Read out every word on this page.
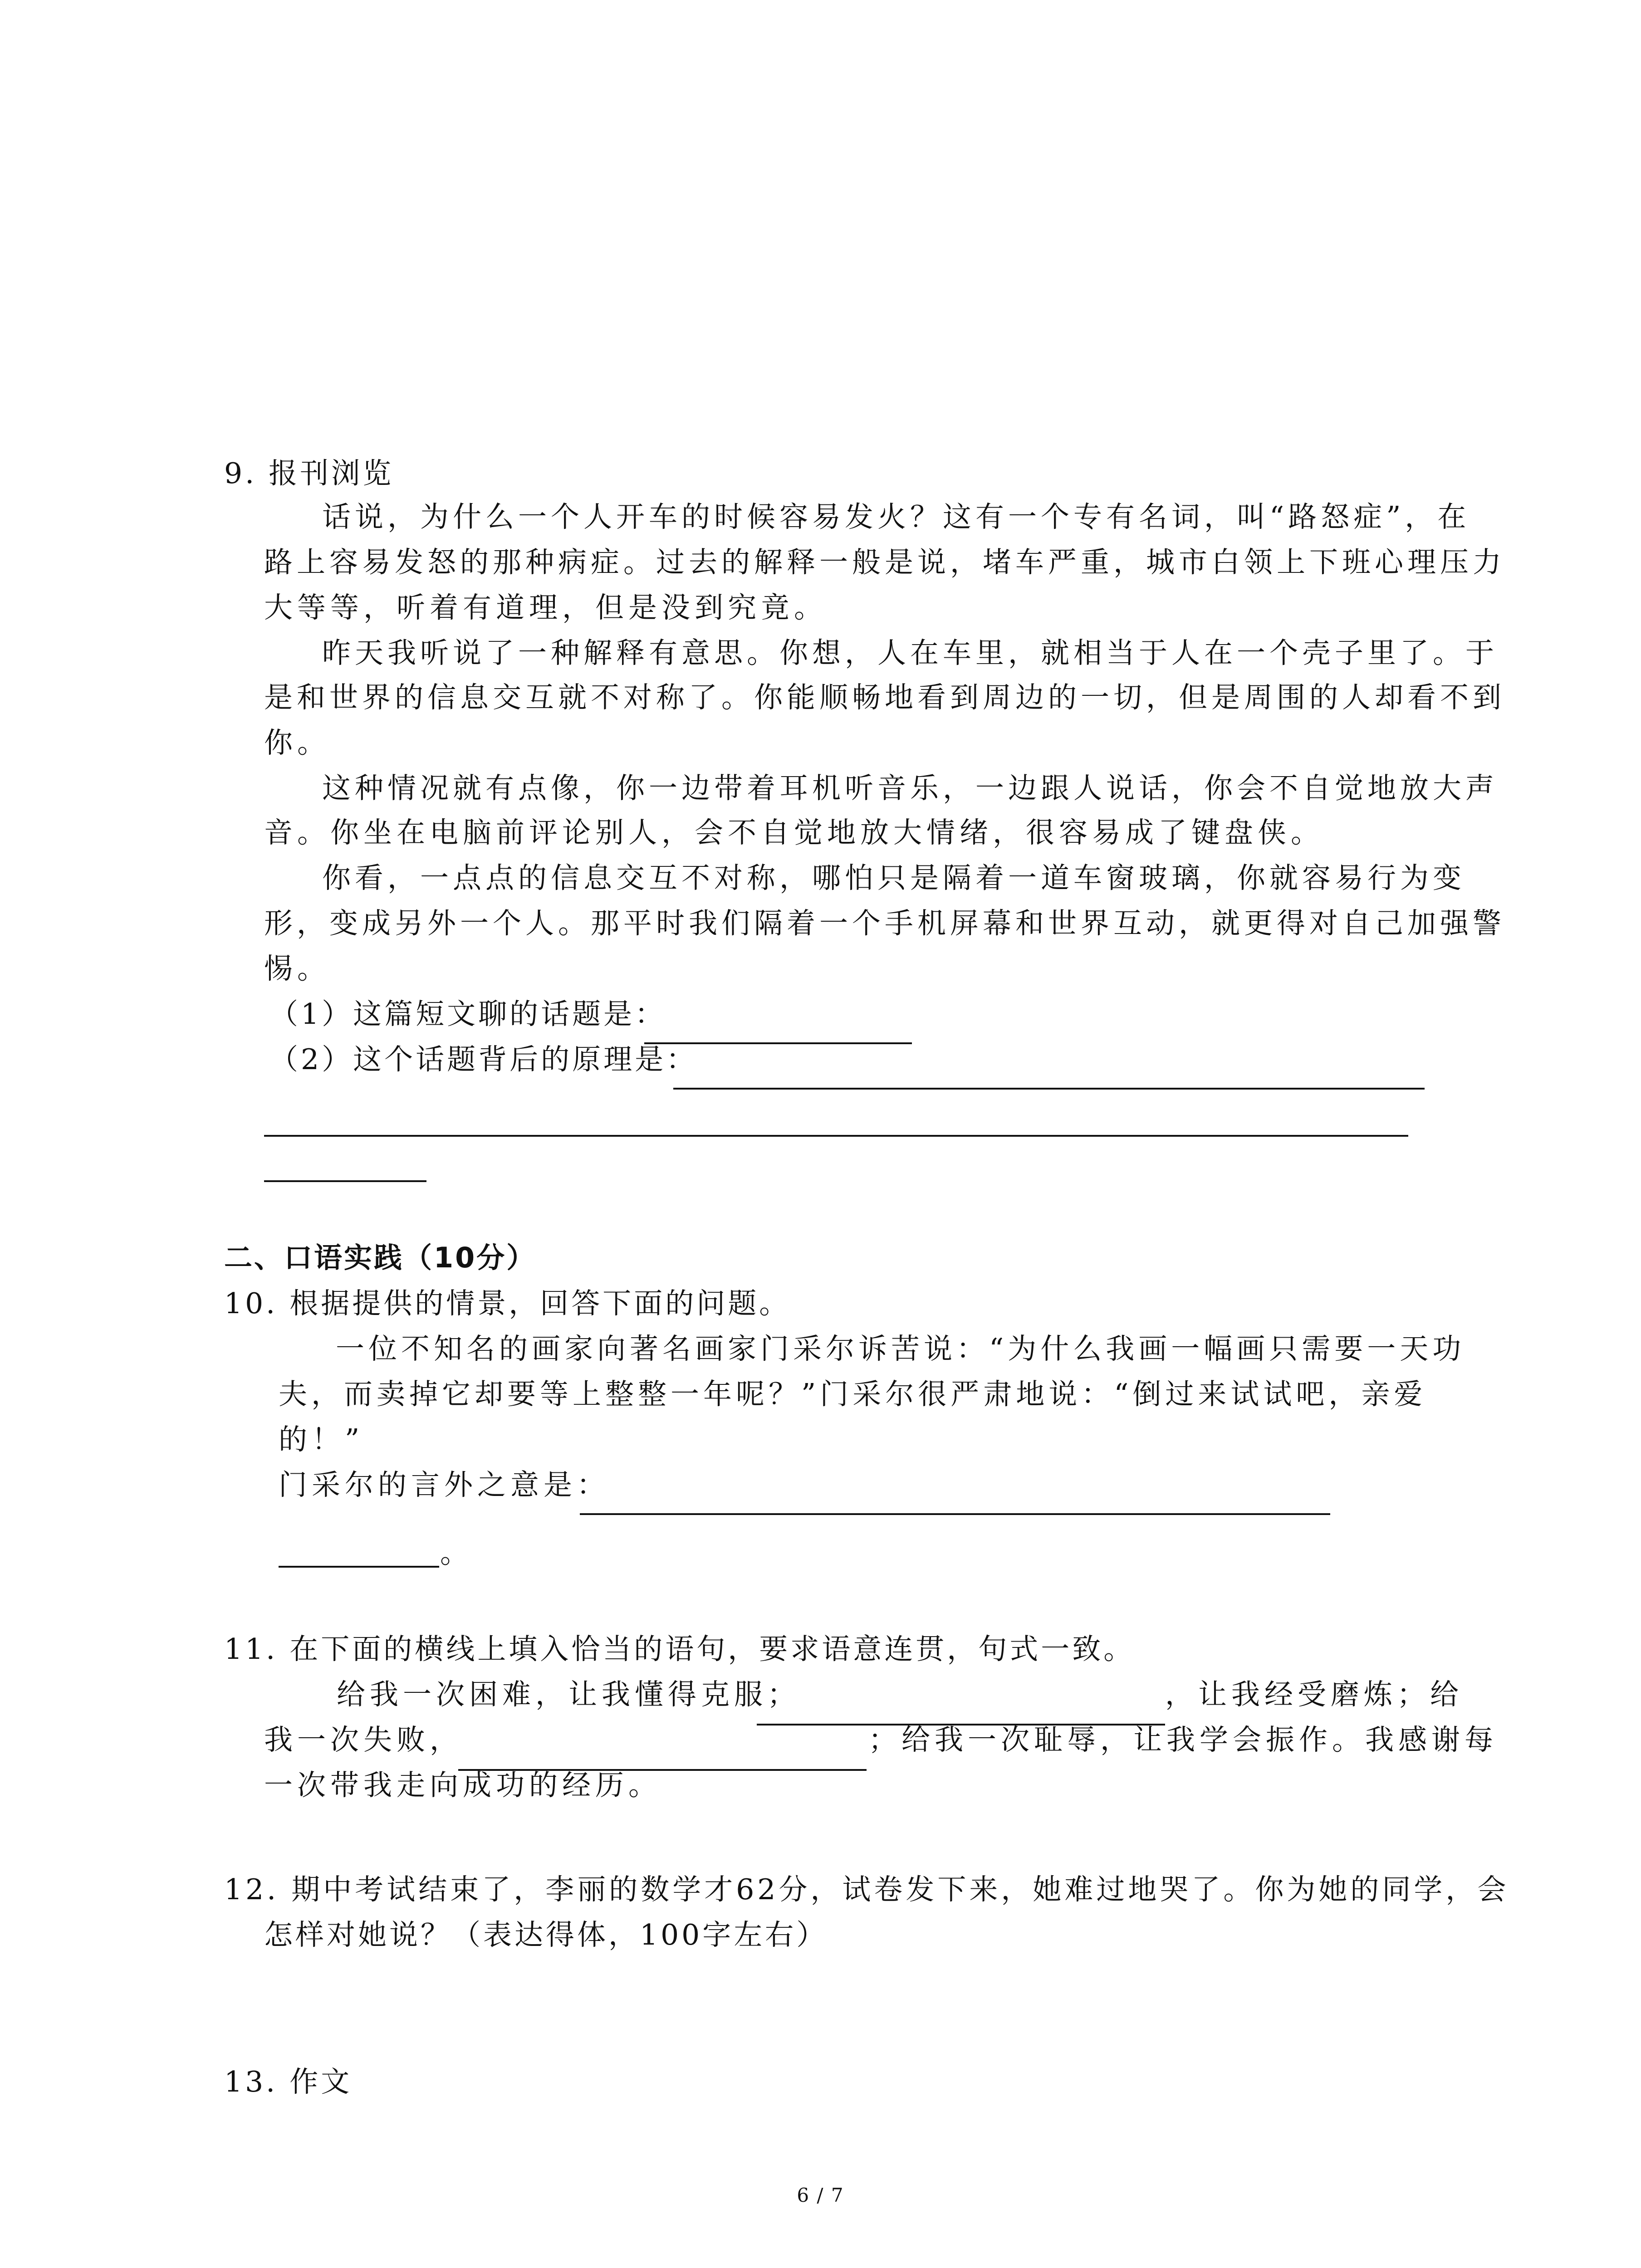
9. 报刊浏览
话说，为什么一个人开车的时候容易发火？这有一个专有名词，叫“路怒症”，在
路上容易发怒的那种病症。过去的解释一般是说，堵车严重，城市白领上下班心理压力
大等等，听着有道理，但是没到究竟。
昨天我听说了一种解释有意思。你想，人在车里，就相当于人在一个壳子里了。于
是和世界的信息交互就不对称了。你能顺畅地看到周边的一切，但是周围的人却看不到
你。
这种情况就有点像，你一边带着耳机听音乐，一边跟人说话，你会不自觉地放大声
音。你坐在电脑前评论别人，会不自觉地放大情绪，很容易成了键盘侠。
你看，一点点的信息交互不对称，哪怕只是隔着一道车窗玻璃，你就容易行为变
形，变成另外一个人。那平时我们隔着一个手机屏幕和世界互动，就更得对自己加强警
惕。
（1）这篇短文聊的话题是：
（2）这个话题背后的原理是：
二、口语实践（10分）
10. 根据提供的情景，回答下面的问题。
一位不知名的画家向著名画家门采尔诉苦说：“为什么我画一幅画只需要一天功
夫，而卖掉它却要等上整整一年呢？”门采尔很严肃地说：“倒过来试试吧，亲爱
的！”
门采尔的言外之意是：
。
11. 在下面的横线上填入恰当的语句，要求语意连贯，句式一致。
给我一次困难，让我懂得克服；	，让我经受磨炼；给
我一次失败，	；给我一次耻辱，让我学会振作。我感谢每
一次带我走向成功的经历。
12. 期中考试结束了，李丽的数学才62分，试卷发下来，她难过地哭了。你为她的同学，会
怎样对她说？（表达得体，100字左右）
13. 作文
6 / 7
